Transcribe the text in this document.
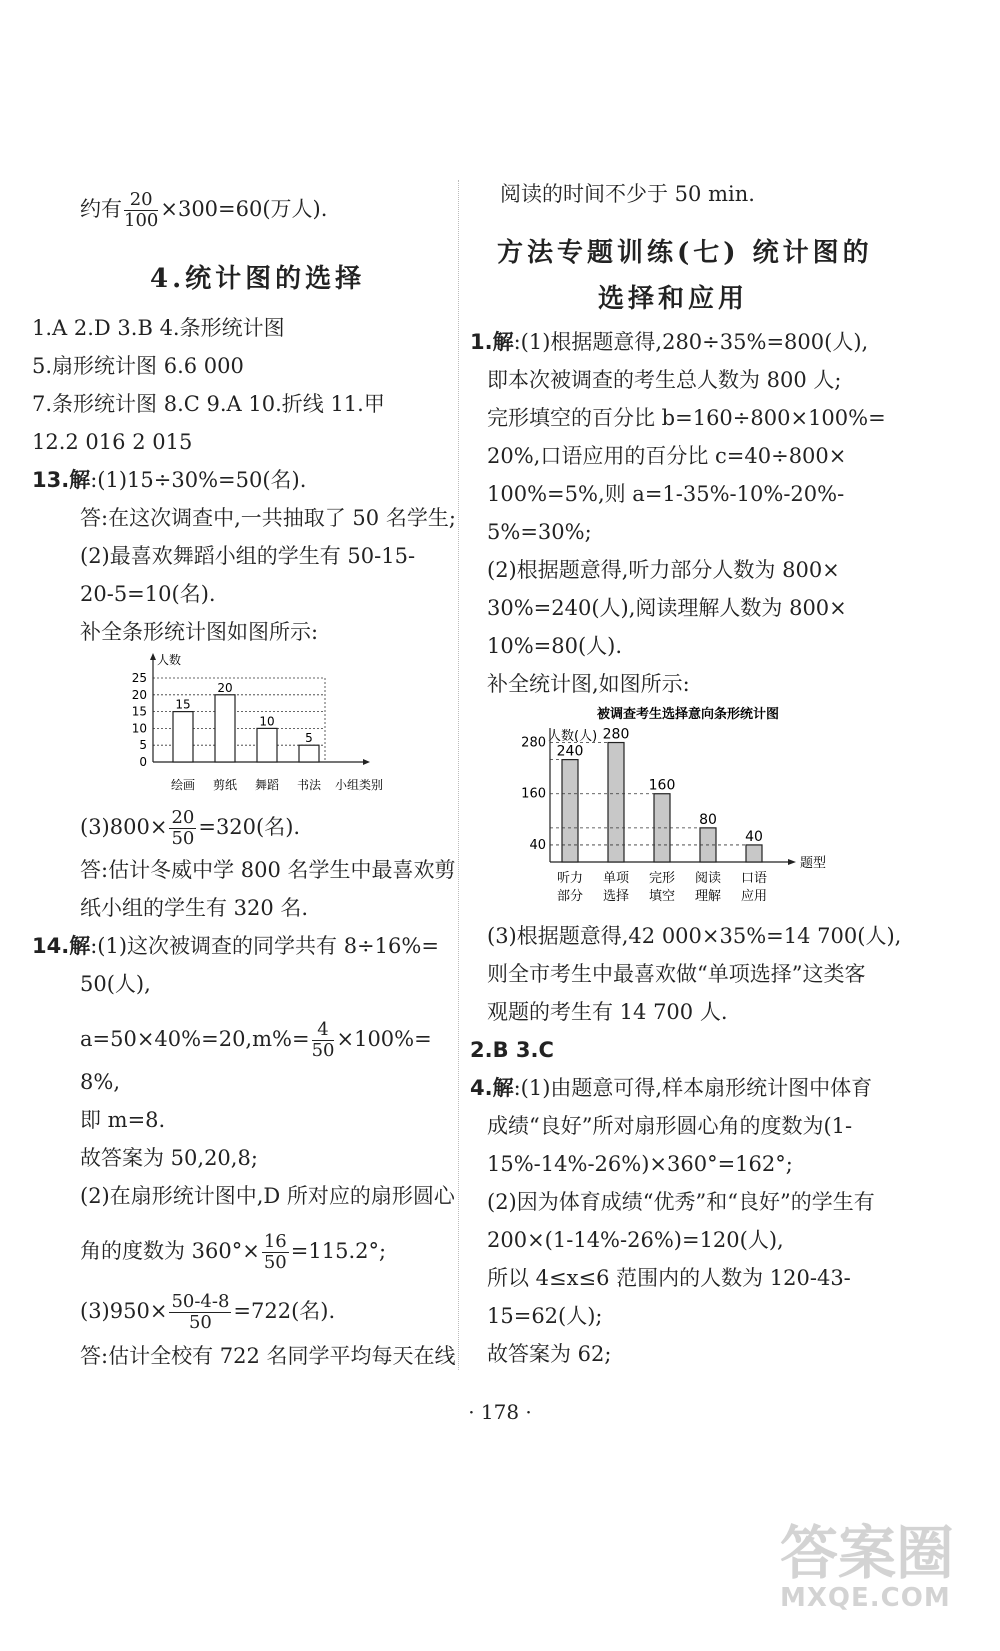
约有 $\frac{20}{100} \times 300=60$(万人).
4.统计图的选择
1.A 2.D 3.B 4.条形统计图
5.扇形统计图 6.6 000
7.条形统计图 8.C 9.A 10.折线 11.甲
12.2 016 2 015
13.解:(1)15÷30%=50(名).
答:在这次调查中,一共抽取了 50 名学生;
(2)最喜欢舞蹈小组的学生有 50-15-
20-5=10(名).
补全条形统计图如图所示:
0
5
10
15
20
25
人数
小组类别
15
绘画
20
剪纸
10
舞蹈
5
书法
$(3)800\times \frac{20}{50} =320$(名).
答:估计冬威中学 800 名学生中最喜欢剪
纸小组的学生有 320 名.
14.解:(1)这次被调查的同学共有 8÷16%=
50(人),
$a=50\times 40\%=20,m\%= \frac{4}{50} \times 100\%=$
8%,
即 m=8.
故答案为 50,20,8;
(2)在扇形统计图中,D 所对应的扇形圆心
角的度数为 $360^\circ\times \frac{16}{50} =115.2^\circ$;
$(3)950\times \frac{50-4-8}{50} =722$(名).
答:估计全校有 722 名同学平均每天在线
阅读的时间不少于 50 min.
方法专题训练(七) 统计图的
选择和应用
1.解:(1)根据题意得,280÷35%=800(人),
即本次被调查的考生总人数为 800 人;
完形填空的百分比 b=160÷800×100%=
20%,口语应用的百分比 c=40÷800×
100%=5%,则 a=1-35%-10%-20%-
5%=30%;
(2)根据题意得,听力部分人数为 800×
30%=240(人),阅读理解人数为 800×
10%=80(人).
补全统计图,如图所示:
被调查考生选择意向条形统计图
人数(人)
题型
40
160
280
240
听力
部分
280
单项
选择
160
完形
填空
80
阅读
理解
40
口语
应用
(3)根据题意得,42 000×35%=14 700(人),
则全市考生中最喜欢做“单项选择”这类客
观题的考生有 14 700 人.
2.B 3.C
4.解:(1)由题意可得,样本扇形统计图中体育
成绩“良好”所对扇形圆心角的度数为(1-
15%-14%-26%)×360°=162°;
(2)因为体育成绩“优秀”和“良好”的学生有
200×(1-14%-26%)=120(人),
所以 4≤x≤6 范围内的人数为 120-43-
15=62(人);
故答案为 62;
· 178 ·
答案圈
MXQE.COM
